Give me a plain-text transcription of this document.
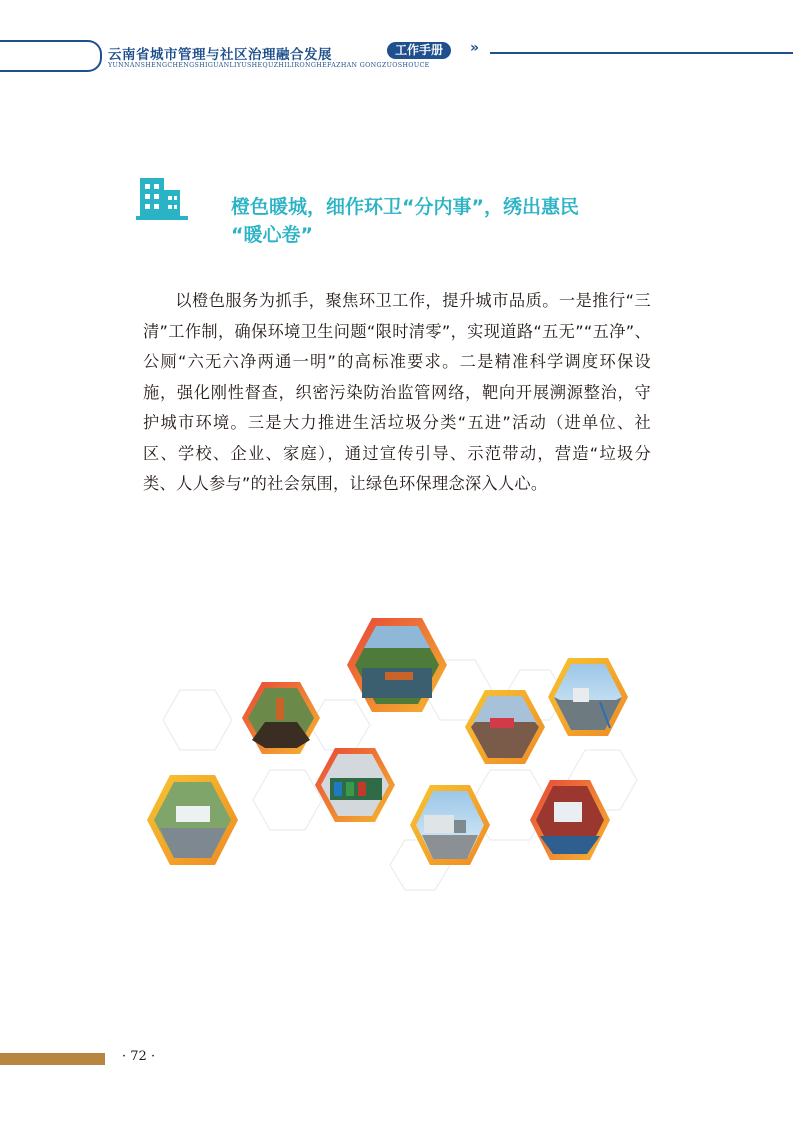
云南省城市管理与社区治理融合发展	工作手册	»
YUNNANSHENGCHENGSHIGUANLIYUSHEQUZHILIRONGHEFAZHAN GONGZUOSHOUCE
橙色暖城，细作环卫“分内事”，绣出惠民
“暖心卷”

以橙色服务为抓手，聚焦环卫工作，提升城市品质。一是推行“三清”工作制，确保环境卫生问题“限时清零”，实现道路“五无”“五净”、公厕“六无六净两通一明”的高标准要求。二是精准科学调度环保设施，强化刚性督查，织密污染防治监管网络，靶向开展溯源整治，守护城市环境。三是大力推进生活垃圾分类“五进”活动（进单位、社区、学校、企业、家庭），通过宣传引导、示范带动，营造“垃圾分类、人人参与”的社会氛围，让绿色环保理念深入人心。

· 72 ·
